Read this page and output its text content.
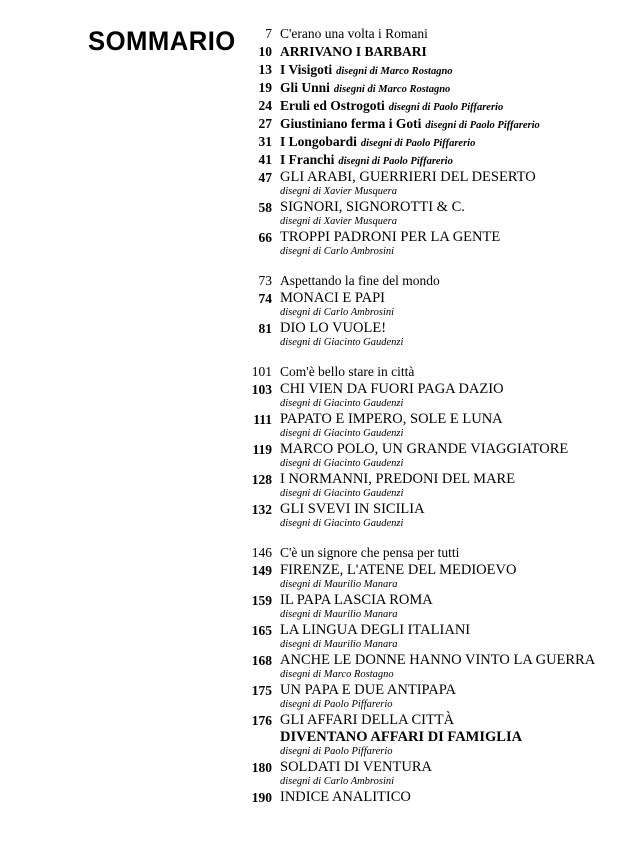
SOMMARIO	7 C'erano una volta i Romani
10 ARRIVANO I BARBARI
13 I Visigoti disegni di Marco Rostagno
19 Gli Unni disegni di Marco Rostagno
24 Eruli ed Ostrogoti disegni di Paolo Piffarerio
27 Giustiniano ferma i Goti disegni di Paolo Piffarerio
31 I Longobardi disegni di Paolo Piffarerio
41 I Franchi disegni di Paolo Piffarerio
47 GLI ARABI, GUERRIERI DEL DESERTO
disegni di Xavier Musquera
58 SIGNORI, SIGNOROTTI & C.
disegni di Xavier Musquera
66 TROPPI PADRONI PER LA GENTE
disegni di Carlo Ambrosini
73 Aspettando la fine del mondo
74 MONACI E PAPI
disegni di Carlo Ambrosini
81 DIO LO VUOLE!
disegni di Giacinto Gaudenzi
101 Com'è bello stare in città
103 CHI VIEN DA FUORI PAGA DAZIO
disegni di Giacinto Gaudenzi
111 PAPATO E IMPERO, SOLE E LUNA
disegni di Giacinto Gaudenzi
119 MARCO POLO, UN GRANDE VIAGGIATORE
disegni di Giacinto Gaudenzi
128 I NORMANNI, PREDONI DEL MARE
disegni di Giacinto Gaudenzi
132 GLI SVEVI IN SICILIA
disegni di Giacinto Gaudenzi
146 C'è un signore che pensa per tutti
149 FIRENZE, L'ATENE DEL MEDIOEVO
disegni di Maurilio Manara
159 IL PAPA LASCIA ROMA
disegni di Maurilio Manara
165 LA LINGUA DEGLI ITALIANI
disegni di Maurilio Manara
168 ANCHE LE DONNE HANNO VINTO LA GUERRA
disegni di Marco Rostagno
175 UN PAPA E DUE ANTIPAPA
disegni di Paolo Piffarerio
176 GLI AFFARI DELLA CITTÀ
DIVENTANO AFFARI DI FAMIGLIA
disegni di Paolo Piffarerio
180 SOLDATI DI VENTURA
disegni di Carlo Ambrosini
190 INDICE ANALITICO
